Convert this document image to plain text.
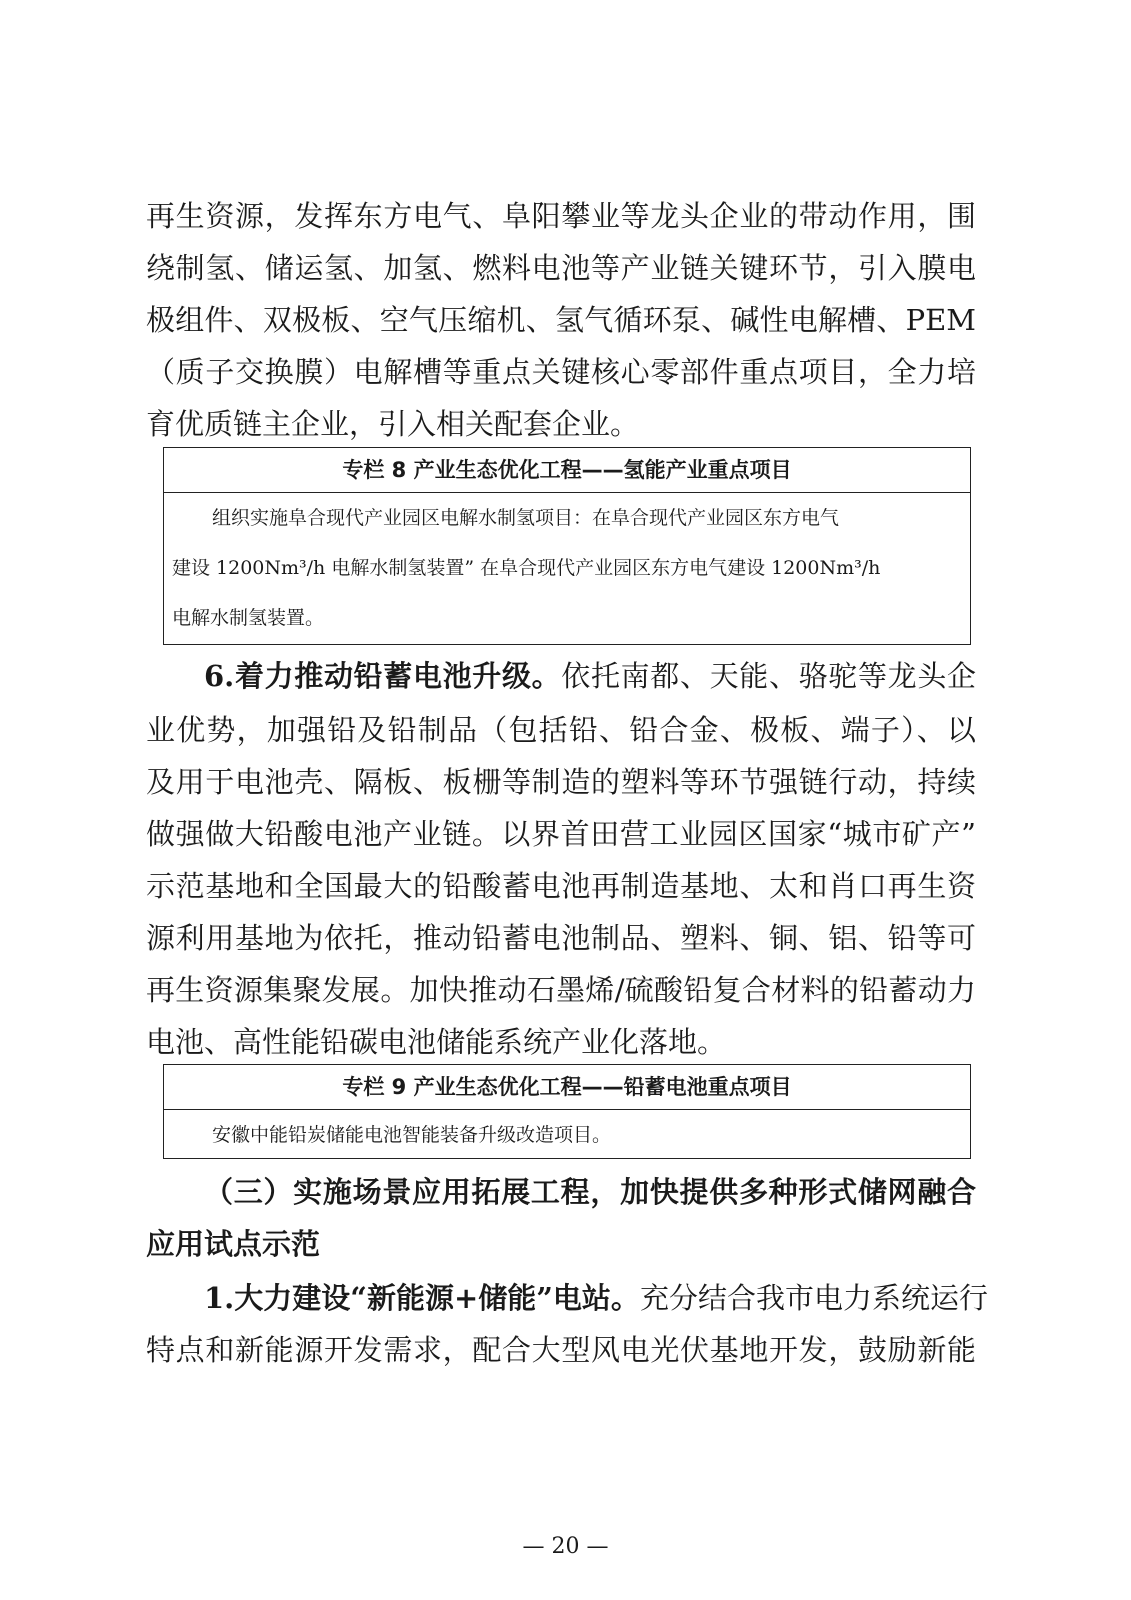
再生资源，发挥东方电气、阜阳攀业等龙头企业的带动作用，围
绕制氢、储运氢、加氢、燃料电池等产业链关键环节，引入膜电
极组件、双极板、空气压缩机、氢气循环泵、碱性电解槽、PEM
（质子交换膜）电解槽等重点关键核心零部件重点项目，全力培
育优质链主企业，引入相关配套企业。
专栏 8 产业生态优化工程——氢能产业重点项目
组织实施阜合现代产业园区电解水制氢项目：在阜合现代产业园区东方电气
建设 1200Nm³/h 电解水制氢装置” 在阜合现代产业园区东方电气建设 1200Nm³/h
电解水制氢装置。
6.着力推动铅蓄电池升级。依托南都、天能、骆驼等龙头企
业优势，加强铅及铅制品（包括铅、铅合金、极板、端子）、以
及用于电池壳、隔板、板栅等制造的塑料等环节强链行动，持续
做强做大铅酸电池产业链。以界首田营工业园区国家“城市矿产”
示范基地和全国最大的铅酸蓄电池再制造基地、太和肖口再生资
源利用基地为依托，推动铅蓄电池制品、塑料、铜、铝、铅等可
再生资源集聚发展。加快推动石墨烯/硫酸铅复合材料的铅蓄动力
电池、高性能铅碳电池储能系统产业化落地。
专栏 9 产业生态优化工程——铅蓄电池重点项目
安徽中能铅炭储能电池智能装备升级改造项目。
（三）实施场景应用拓展工程，加快提供多种形式储网融合
应用试点示范
1.大力建设“新能源+储能”电站。充分结合我市电力系统运行
特点和新能源开发需求，配合大型风电光伏基地开发，鼓励新能
— 20 —
